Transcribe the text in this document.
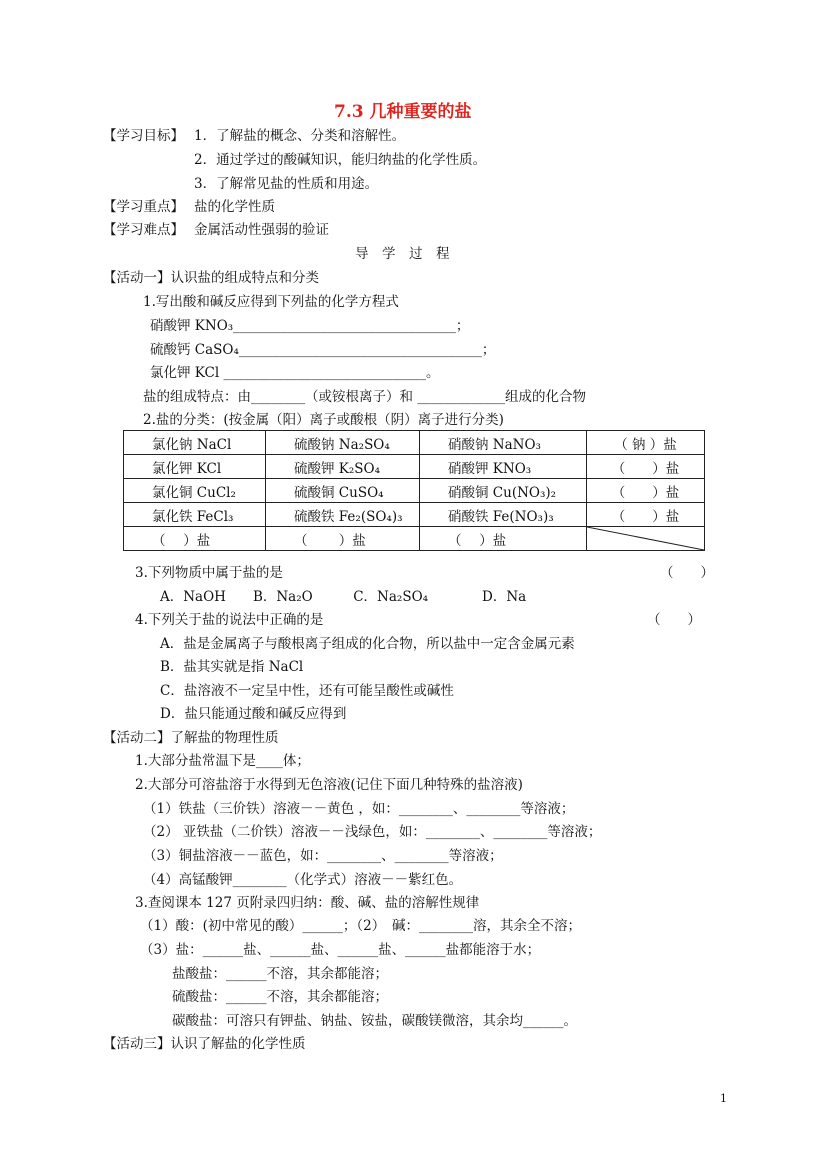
7.3 几种重要的盐
【学习目标】 1．了解盐的概念、分类和溶解性。
2．通过学过的酸碱知识，能归纳盐的化学性质。
3．了解常见盐的性质和用途。
【学习重点】 盐的化学性质
【学习难点】 金属活动性强弱的验证
导　学　过　程
【活动一】认识盐的组成特点和分类
1.写出酸和碱反应得到下列盐的化学方程式
硝酸钾 KNO₃_________________________________；
硫酸钙 CaSO₄____________________________________；
氯化钾 KCl ______________________________。
盐的组成特点：由________（或铵根离子）和 _____________组成的化合物
2.盐的分类：(按金属（阳）离子或酸根（阴）离子进行分类)
氯化钠 NaCl	硫酸钠 Na₂SO₄	硝酸钠 NaNO₃	（ 钠 ）盐
氯化钾 KCl	硫酸钾 K₂SO₄	硝酸钾 KNO₃	（　　）盐
氯化铜 CuCl₂	硫酸铜 CuSO₄	硝酸铜 Cu(NO₃)₂	（　　）盐
氯化铁 FeCl₃	硫酸铁 Fe₂(SO₄)₃	硝酸铁 Fe(NO₃)₃	（　　）盐
（　 ）盐	（　　 ）盐	（　 ）盐	
3.下列物质中属于盐的是	（　　）
A．NaOH　　B．Na₂O　　　C．Na₂SO₄　　　　D．Na
4.下列关于盐的说法中正确的是	（　　）
A．盐是金属离子与酸根离子组成的化合物，所以盐中一定含金属元素
B．盐其实就是指 NaCl
C．盐溶液不一定呈中性，还有可能呈酸性或碱性
D．盐只能通过酸和碱反应得到
【活动二】了解盐的物理性质
1.大部分盐常温下是____体；
2.大部分可溶盐溶于水得到无色溶液(记住下面几种特殊的盐溶液)
（1）铁盐（三价铁）溶液－－黄色 ，如：________、________等溶液；
（2） 亚铁盐（二价铁）溶液－－浅绿色，如：________、________等溶液；
（3）铜盐溶液－－蓝色，如：________、________等溶液；
（4）高锰酸钾________（化学式）溶液－－紫红色。
3.查阅课本 127 页附录四归纳：酸、碱、盐的溶解性规律
（1）酸：(初中常见的酸）______；（2）　碱：________溶，其余全不溶；
（3）盐：______盐、______盐、______盐、______盐都能溶于水；
盐酸盐：______不溶，其余都能溶；
硫酸盐：______不溶，其余都能溶；
碳酸盐：可溶只有钾盐、钠盐、铵盐，碳酸镁微溶，其余均______。
【活动三】认识了解盐的化学性质
1
